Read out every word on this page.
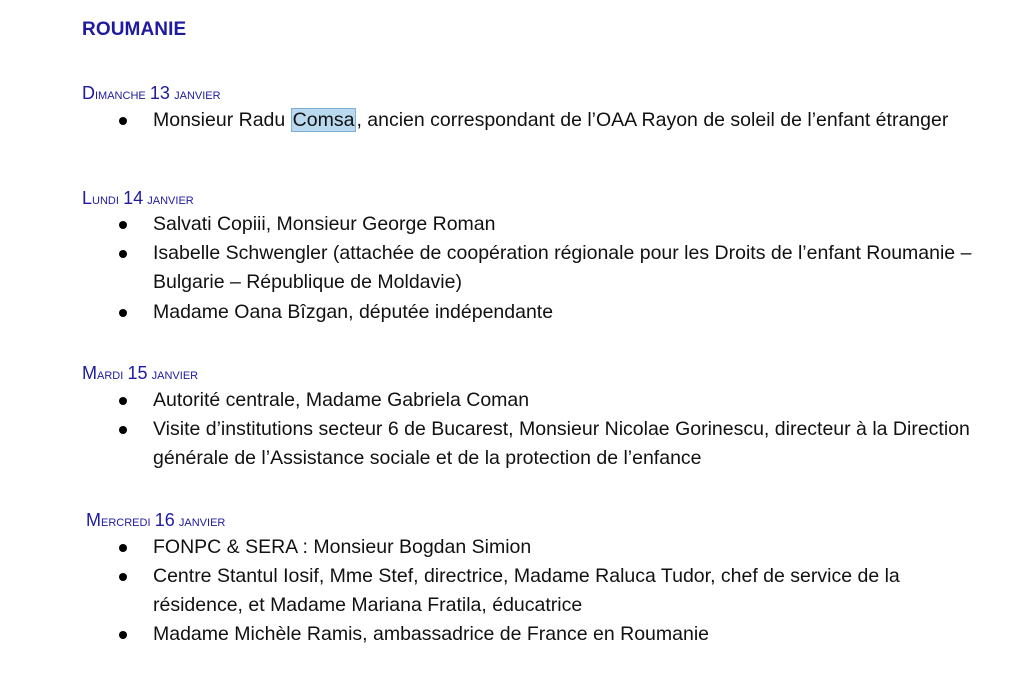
ROUMANIE
Dimanche 13 janvier
Monsieur Radu Comsa , ancien correspondant de l’OAA Rayon de soleil de l’enfant étranger
Lundi 14 janvier
Salvati Copiii, Monsieur George Roman
Isabelle Schwengler (attachée de coopération régionale pour les Droits de l’enfant Roumanie – Bulgarie – République de Moldavie)
Madame Oana Bîzgan, députée indépendante
Mardi 15 janvier
Autorité centrale, Madame Gabriela Coman
Visite d’institutions secteur 6 de Bucarest, Monsieur Nicolae Gorinescu, directeur à la Direction générale de l’Assistance sociale et de la protection de l’enfance
Mercredi 16 janvier
FONPC & SERA : Monsieur Bogdan Simion
Centre Stantul Iosif, Mme Stef, directrice, Madame Raluca Tudor, chef de service de la résidence, et Madame Mariana Fratila, éducatrice
Madame Michèle Ramis, ambassadrice de France en Roumanie
